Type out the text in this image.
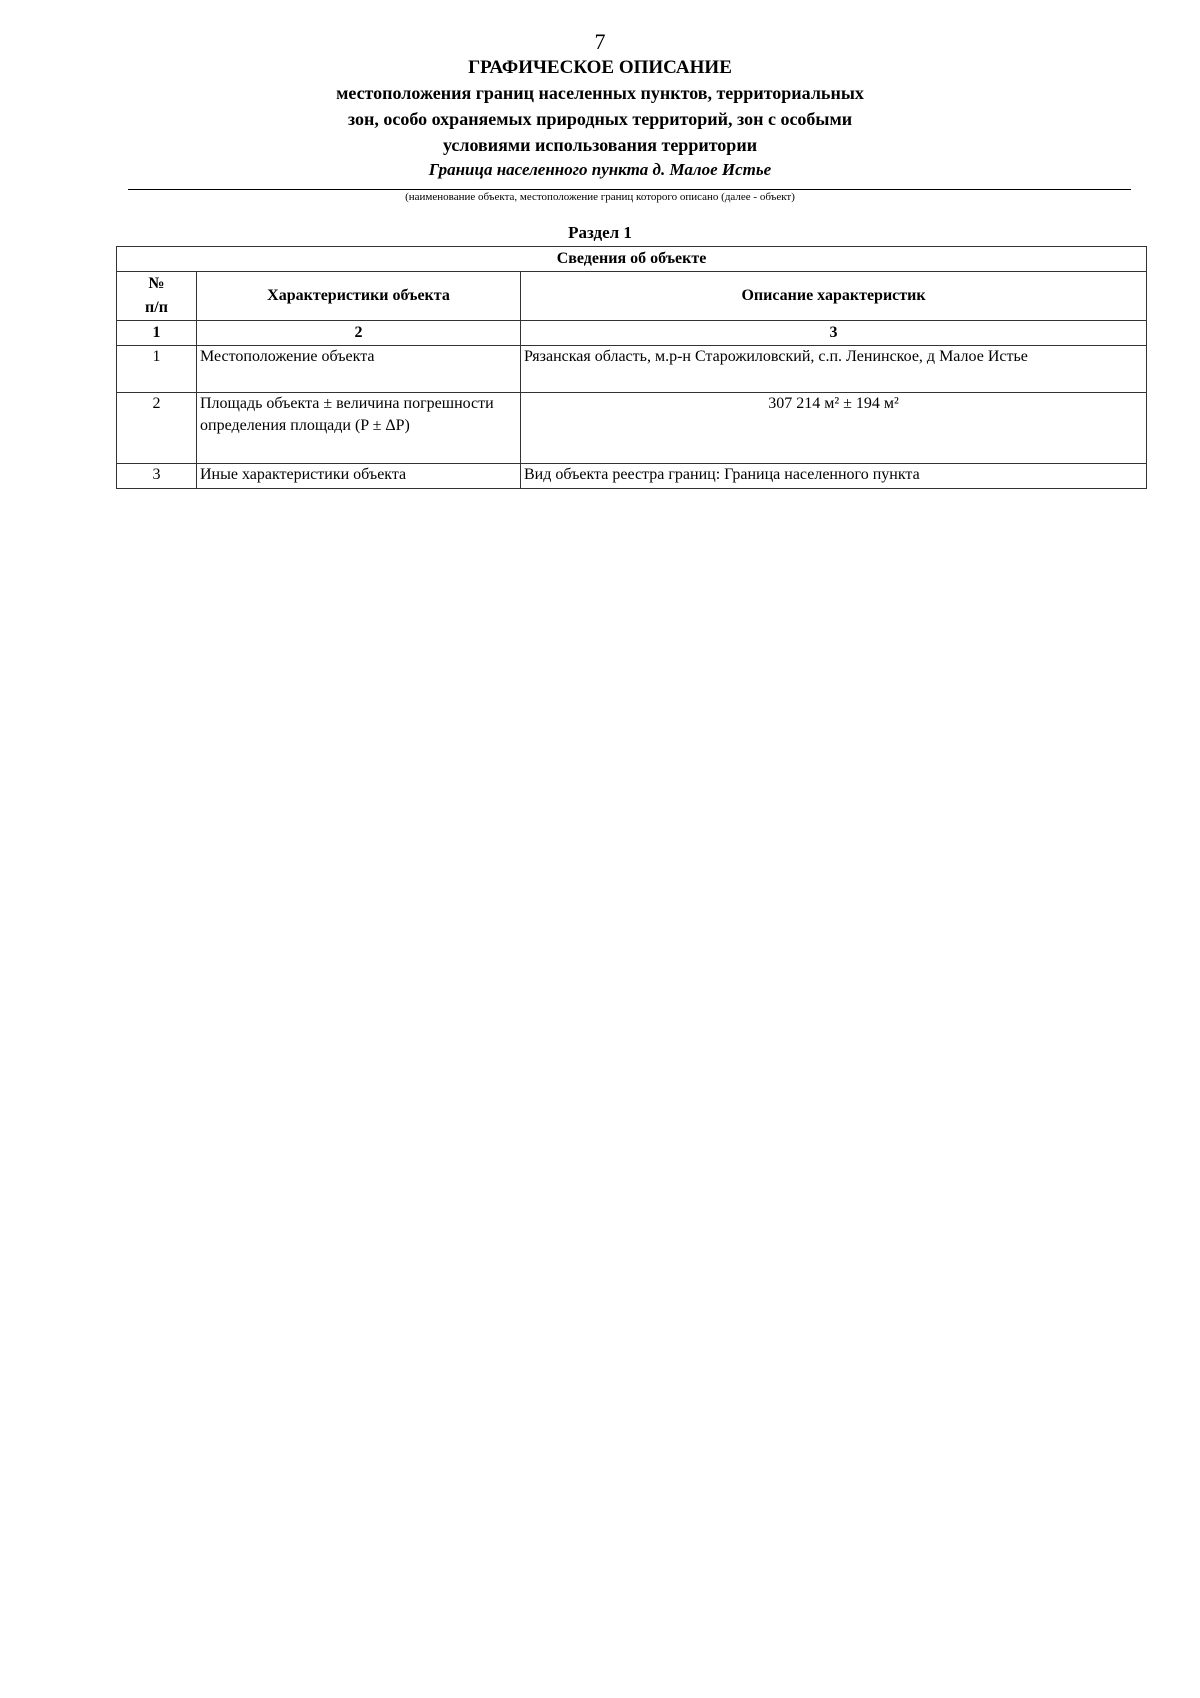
7
ГРАФИЧЕСКОЕ ОПИСАНИЕ
местоположения границ населенных пунктов, территориальных
зон, особо охраняемых природных территорий, зон с особыми
условиями использования территории
Граница населенного пункта д. Малое Истье
(наименование объекта, местоположение границ которого описано (далее - объект)
Раздел 1
Сведения об объекте		
№
п/п	Характеристики объекта	Описание характеристик
1	2	3
1	Местоположение объекта	Рязанская область, м.р-н Старожиловский, с.п. Ленинское, д Малое Истье
2	Площадь объекта ± величина погрешности определения площади (P ± ΔP)	307 214 м² ± 194 м²
3	Иные характеристики объекта	Вид объекта реестра границ: Граница населенного пункта
